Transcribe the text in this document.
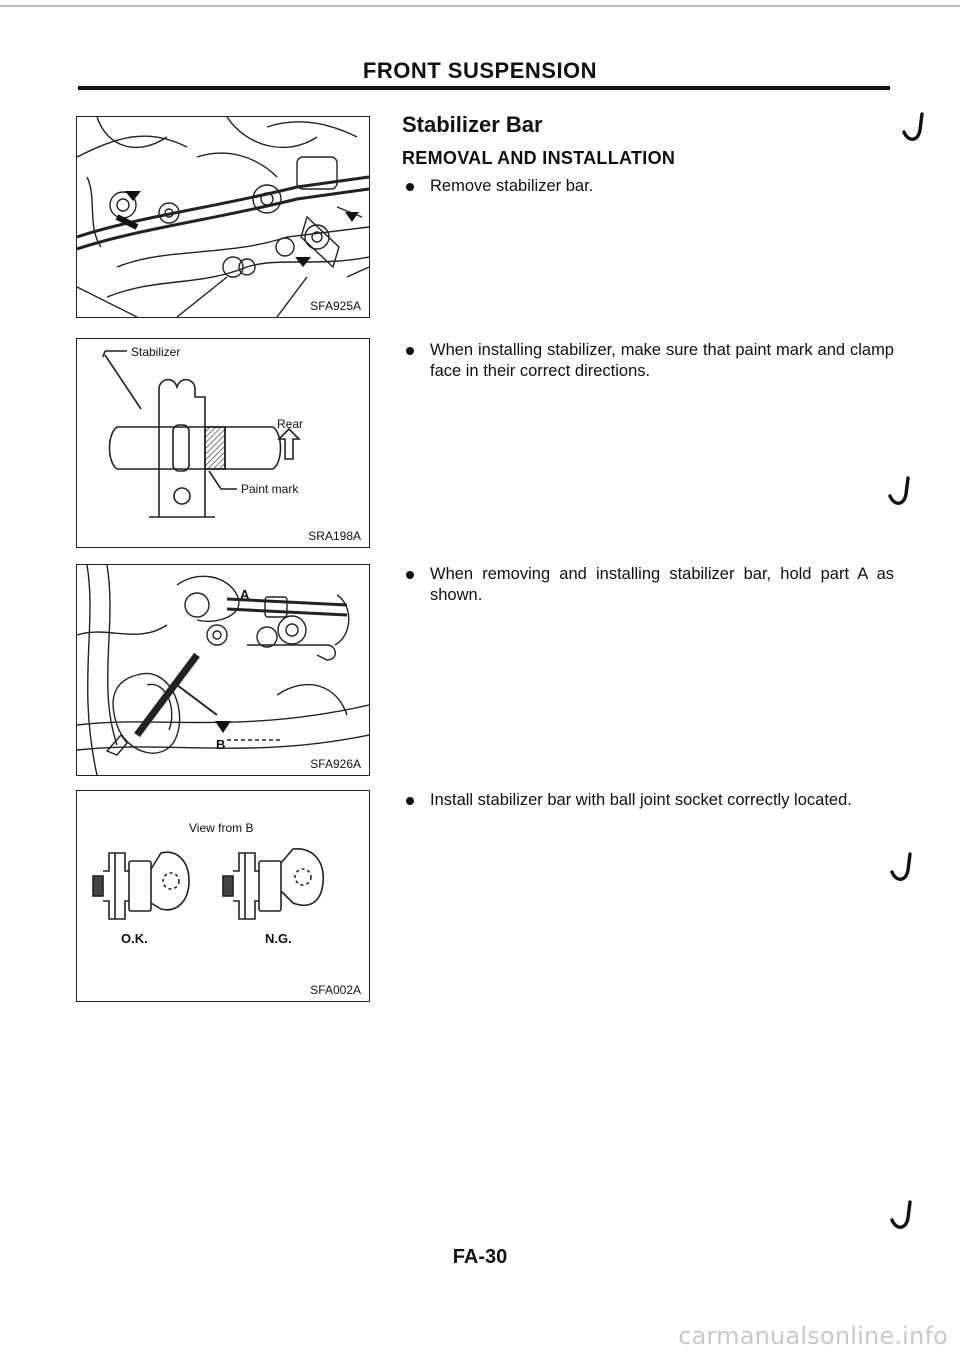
FRONT SUSPENSION
SFA925A
Stabilizer
Rear
Paint mark
SRA198A
A
B
SFA926A
View from B
O.K.	N.G.
SFA002A
Stabilizer Bar
REMOVAL AND INSTALLATION
Remove stabilizer bar.
When installing stabilizer, make sure that paint mark and clamp face in their correct directions.
When removing and installing stabilizer bar, hold part A as shown.
Install stabilizer bar with ball joint socket correctly located.
FA-30
carmanualsonline.info
